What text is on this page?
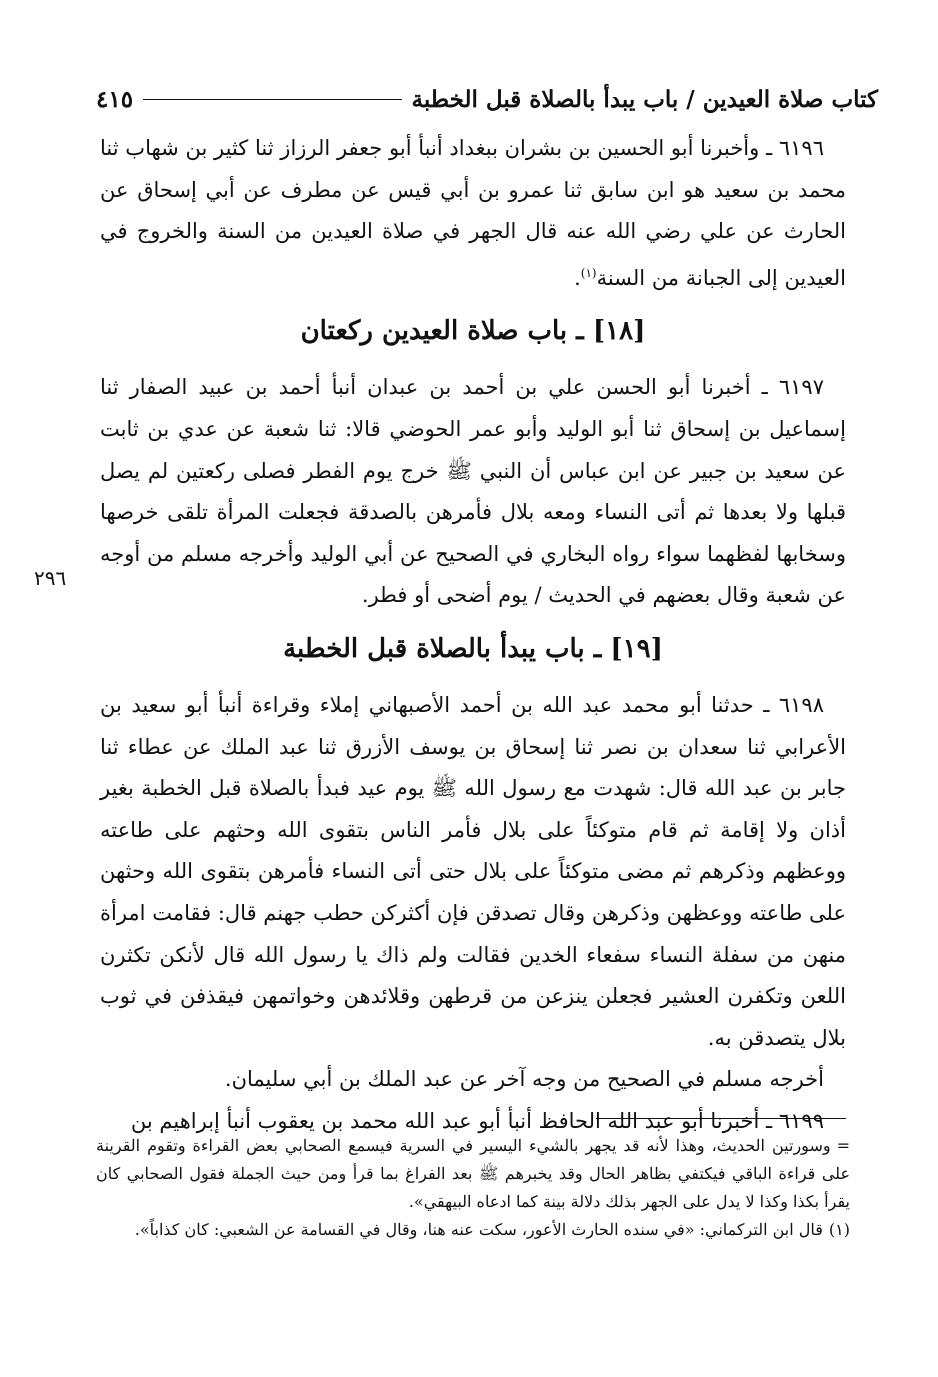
كتاب صلاة العيدين / باب يبدأ بالصلاة قبل الخطبة
٤١٥
٢٩٦

٦١٩٦ ـ وأخبرنا أبو الحسين بن بشران ببغداد أنبأ أبو جعفر الرزاز ثنا كثير بن شهاب ثنا محمد بن سعيد هو ابن سابق ثنا عمرو بن أبي قيس عن مطرف عن أبي إسحاق عن الحارث عن علي رضي الله عنه قال الجهر في صلاة العيدين من السنة والخروج في العيدين إلى الجبانة من السنة$^{(١)}$.

[١٨] ـ باب صلاة العيدين ركعتان

٦١٩٧ ـ أخبرنا أبو الحسن علي بن أحمد بن عبدان أنبأ أحمد بن عبيد الصفار ثنا إسماعيل بن إسحاق ثنا أبو الوليد وأبو عمر الحوضي قالا: ثنا شعبة عن عدي بن ثابت عن سعيد بن جبير عن ابن عباس أن النبي ﷺ خرج يوم الفطر فصلى ركعتين لم يصل قبلها ولا بعدها ثم أتى النساء ومعه بلال فأمرهن بالصدقة فجعلت المرأة تلقى خرصها وسخابها لفظهما سواء رواه البخاري في الصحيح عن أبي الوليد وأخرجه مسلم من أوجه عن شعبة وقال بعضهم في الحديث / يوم أضحى أو فطر.

[١٩] ـ باب يبدأ بالصلاة قبل الخطبة

٦١٩٨ ـ حدثنا أبو محمد عبد الله بن أحمد الأصبهاني إملاء وقراءة أنبأ أبو سعيد بن الأعرابي ثنا سعدان بن نصر ثنا إسحاق بن يوسف الأزرق ثنا عبد الملك عن عطاء ثنا جابر بن عبد الله قال: شهدت مع رسول الله ﷺ يوم عيد فبدأ بالصلاة قبل الخطبة بغير أذان ولا إقامة ثم قام متوكئاً على بلال فأمر الناس بتقوى الله وحثهم على طاعته ووعظهم وذكرهم ثم مضى متوكئاً على بلال حتى أتى النساء فأمرهن بتقوى الله وحثهن على طاعته ووعظهن وذكرهن وقال تصدقن فإن أكثركن حطب جهنم قال: فقامت امرأة منهن من سفلة النساء سفعاء الخدين فقالت ولم ذاك يا رسول الله قال لأنكن تكثرن اللعن وتكفرن العشير فجعلن ينزعن من قرطهن وقلائدهن وخواتمهن فيقذفن في ثوب بلال يتصدقن به.

أخرجه مسلم في الصحيح من وجه آخر عن عبد الملك بن أبي سليمان.

٦١٩٩ ـ أخبرنا أبو عبد الله الحافظ أنبأ أبو عبد الله محمد بن يعقوب أنبأ إبراهيم بن

=وسورتين الحديث، وهذا لأنه قد يجهر بالشيء اليسير في السرية فيسمع الصحابي بعض القراءة وتقوم القرينة على قراءة الباقي فيكتفي بظاهر الحال وقد يخبرهم ﷺ بعد الفراغ بما قرأ ومن حيث الجملة فقول الصحابي كان يقرأ بكذا وكذا لا يدل على الجهر بذلك دلالة بينة كما ادعاه البيهقي».

(١)قال ابن التركماني: «في سنده الحارث الأعور، سكت عنه هنا، وقال في القسامة عن الشعبي: كان كذاباً».
